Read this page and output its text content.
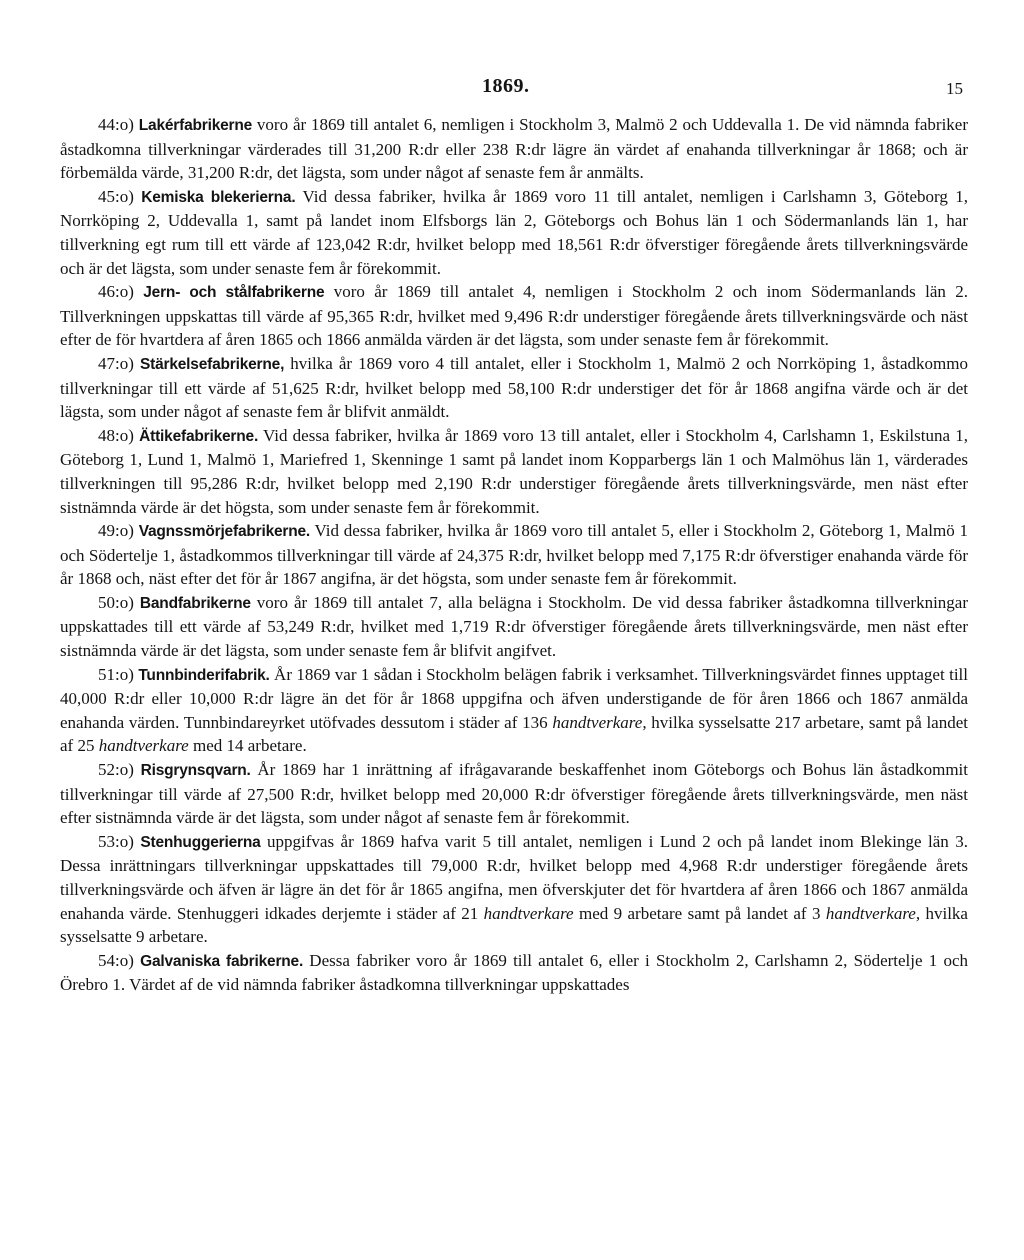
1869.	15

44:o) Lakérfabrikerne voro år 1869 till antalet 6, nemligen i Stockholm 3, Malmö 2 och Uddevalla 1. De vid nämnda fabriker åstadkomna tillverkningar värderades till 31,200 R:dr eller 238 R:dr lägre än värdet af enahanda tillverkningar år 1868; och är förbemälda värde, 31,200 R:dr, det lägsta, som under något af senaste fem år anmälts.

45:o) Kemiska blekerierna. Vid dessa fabriker, hvilka år 1869 voro 11 till antalet, nemligen i Carlshamn 3, Göteborg 1, Norrköping 2, Uddevalla 1, samt på landet inom Elfsborgs län 2, Göteborgs och Bohus län 1 och Södermanlands län 1, har tillverkning egt rum till ett värde af 123,042 R:dr, hvilket belopp med 18,561 R:dr öfverstiger föregående årets tillverkningsvärde och är det lägsta, som under senaste fem år förekommit.

46:o) Jern- och stålfabrikerne voro år 1869 till antalet 4, nemligen i Stockholm 2 och inom Södermanlands län 2. Tillverkningen uppskattas till värde af 95,365 R:dr, hvilket med 9,496 R:dr understiger föregående årets tillverkningsvärde och näst efter de för hvartdera af åren 1865 och 1866 anmälda värden är det lägsta, som under senaste fem år förekommit.

47:o) Stärkelsefabrikerne, hvilka år 1869 voro 4 till antalet, eller i Stockholm 1, Malmö 2 och Norrköping 1, åstadkommo tillverkningar till ett värde af 51,625 R:dr, hvilket belopp med 58,100 R:dr understiger det för år 1868 angifna värde och är det lägsta, som under något af senaste fem år blifvit anmäldt.

48:o) Ättikefabrikerne. Vid dessa fabriker, hvilka år 1869 voro 13 till antalet, eller i Stockholm 4, Carlshamn 1, Eskilstuna 1, Göteborg 1, Lund 1, Malmö 1, Mariefred 1, Skenninge 1 samt på landet inom Kopparbergs län 1 och Malmöhus län 1, värderades tillverkningen till 95,286 R:dr, hvilket belopp med 2,190 R:dr understiger föregående årets tillverkningsvärde, men näst efter sistnämnda värde är det högsta, som under senaste fem år förekommit.

49:o) Vagnssmörjefabrikerne. Vid dessa fabriker, hvilka år 1869 voro till antalet 5, eller i Stockholm 2, Göteborg 1, Malmö 1 och Södertelje 1, åstadkommos tillverkningar till värde af 24,375 R:dr, hvilket belopp med 7,175 R:dr öfverstiger enahanda värde för år 1868 och, näst efter det för år 1867 angifna, är det högsta, som under senaste fem år förekommit.

50:o) Bandfabrikerne voro år 1869 till antalet 7, alla belägna i Stockholm. De vid dessa fabriker åstadkomna tillverkningar uppskattades till ett värde af 53,249 R:dr, hvilket med 1,719 R:dr öfverstiger föregående årets tillverkningsvärde, men näst efter sistnämnda värde är det lägsta, som under senaste fem år blifvit angifvet.

51:o) Tunnbinderifabrik. År 1869 var 1 sådan i Stockholm belägen fabrik i verksamhet. Tillverkningsvärdet finnes upptaget till 40,000 R:dr eller 10,000 R:dr lägre än det för år 1868 uppgifna och äfven understigande de för åren 1866 och 1867 anmälda enahanda värden. Tunnbindareyrket utöfvades dessutom i städer af 136 handtverkare, hvilka sysselsatte 217 arbetare, samt på landet af 25 handtverkare med 14 arbetare.

52:o) Risgrynsqvarn. År 1869 har 1 inrättning af ifrågavarande beskaffenhet inom Göteborgs och Bohus län åstadkommit tillverkningar till värde af 27,500 R:dr, hvilket belopp med 20,000 R:dr öfverstiger föregående årets tillverkningsvärde, men näst efter sistnämnda värde är det lägsta, som under något af senaste fem år förekommit.

53:o) Stenhuggerierna uppgifvas år 1869 hafva varit 5 till antalet, nemligen i Lund 2 och på landet inom Blekinge län 3. Dessa inrättningars tillverkningar uppskattades till 79,000 R:dr, hvilket belopp med 4,968 R:dr understiger föregående årets tillverkningsvärde och äfven är lägre än det för år 1865 angifna, men öfverskjuter det för hvartdera af åren 1866 och 1867 anmälda enahanda värde. Stenhuggeri idkades derjemte i städer af 21 handtverkare med 9 arbetare samt på landet af 3 handtverkare, hvilka sysselsatte 9 arbetare.

54:o) Galvaniska fabrikerne. Dessa fabriker voro år 1869 till antalet 6, eller i Stockholm 2, Carlshamn 2, Södertelje 1 och Örebro 1. Värdet af de vid nämnda fabriker åstadkomna tillverkningar uppskattades
